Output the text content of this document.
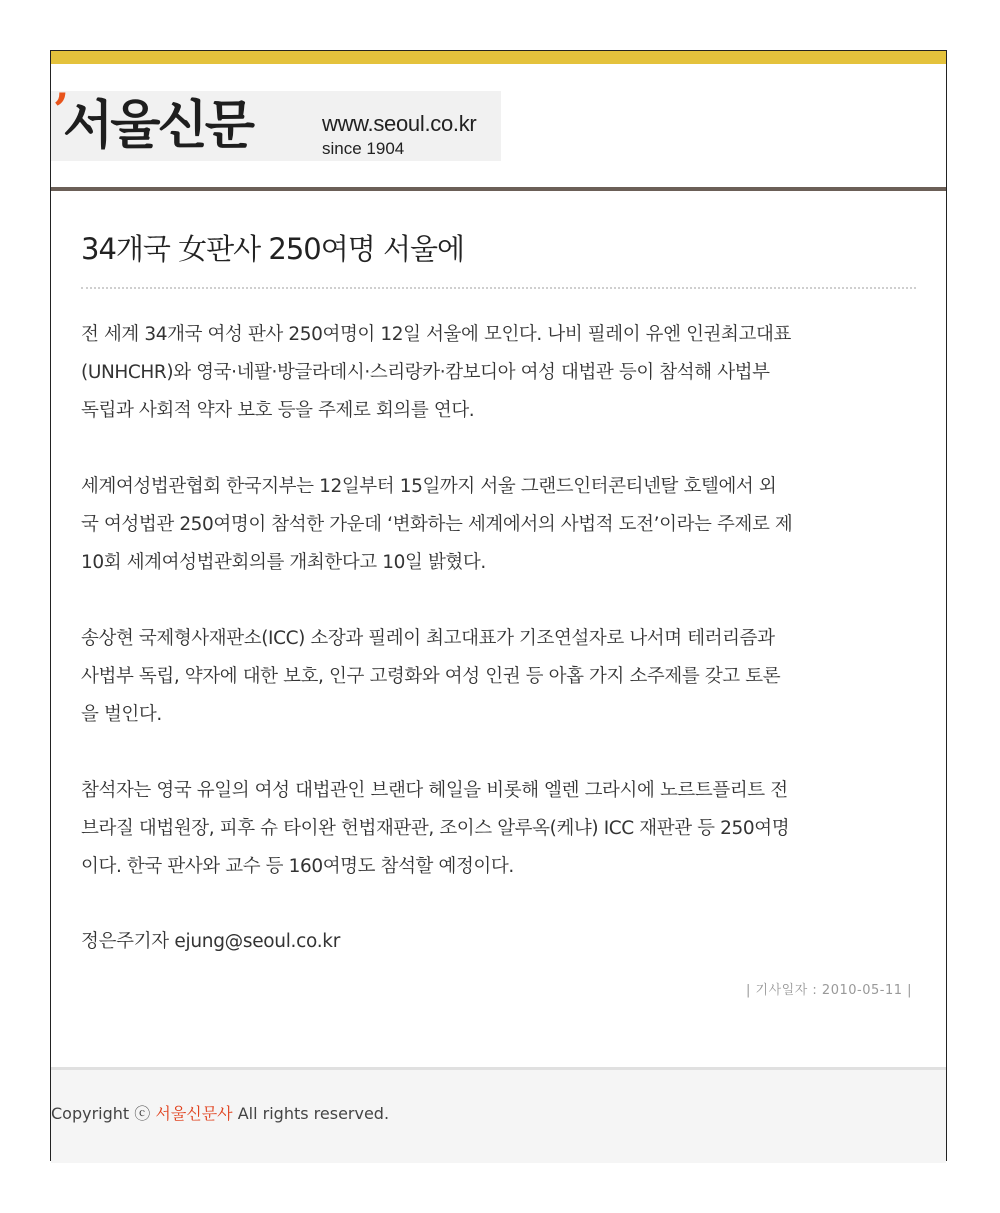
’
서울신문	www.seoul.co.kr
since 1904
34개국 女판사 250여명 서울에

전 세계 34개국 여성 판사 250여명이 12일 서울에 모인다. 나비 필레이 유엔 인권최고대표
(UNHCHR)와 영국·네팔·방글라데시·스리랑카·캄보디아 여성 대법관 등이 참석해 사법부
독립과 사회적 약자 보호 등을 주제로 회의를 연다.

세계여성법관협회 한국지부는 12일부터 15일까지 서울 그랜드인터콘티넨탈 호텔에서 외
국 여성법관 250여명이 참석한 가운데 ‘변화하는 세계에서의 사법적 도전’이라는 주제로 제
10회 세계여성법관회의를 개최한다고 10일 밝혔다.

송상현 국제형사재판소(ICC) 소장과 필레이 최고대표가 기조연설자로 나서며 테러리즘과
사법부 독립, 약자에 대한 보호, 인구 고령화와 여성 인권 등 아홉 가지 소주제를 갖고 토론
을 벌인다.

참석자는 영국 유일의 여성 대법관인 브랜다 헤일을 비롯해 엘렌 그라시에 노르트플리트 전
브라질 대법원장, 피후 슈 타이완 헌법재판관, 조이스 알루옥(케냐) ICC 재판관 등 250여명
이다. 한국 판사와 교수 등 160여명도 참석할 예정이다.

정은주기자 ejung@seoul.co.kr
| 기사일자 : 2010-05-11 |
Copyright ⓒ 서울신문사 All rights reserved.
